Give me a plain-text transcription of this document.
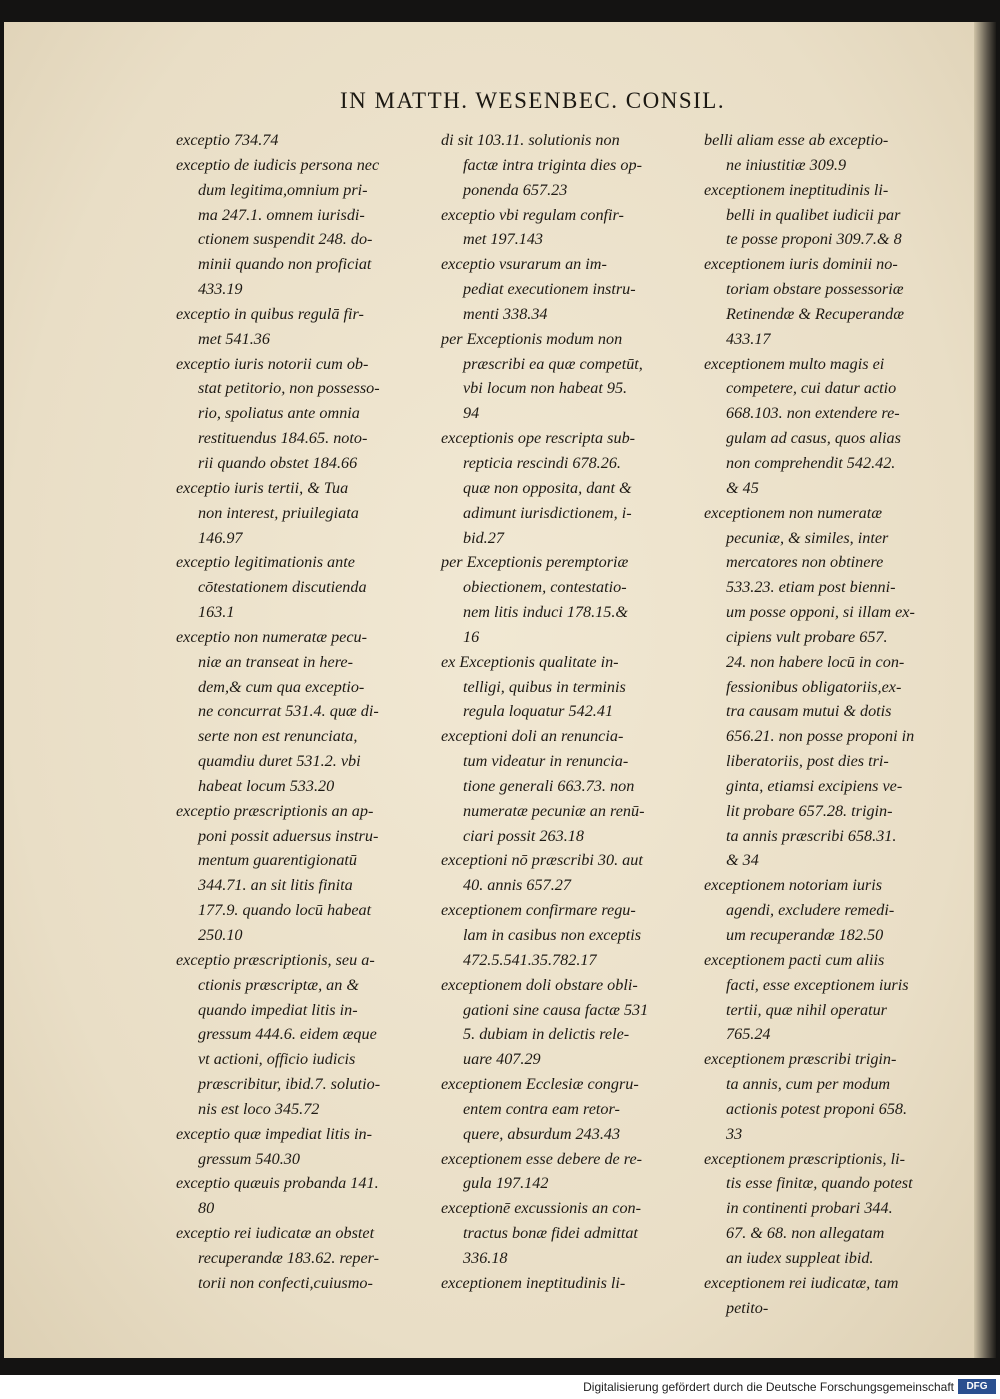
IN MATTH. WESENBEC. CONSIL.
exceptio 734.74
exceptio de iudicis persona nec
dum legitima,omnium pri-
ma 247.1. omnem iurisdi-
ctionem suspendit 248. do-
minii quando non proficiat
433.19
exceptio in quibus regulā fir-
met 541.36
exceptio iuris notorii cum ob-
stat petitorio, non possesso-
rio, spoliatus ante omnia
restituendus 184.65. noto-
rii quando obstet 184.66
exceptio iuris tertii, & Tua
non interest, priuilegiata
146.97
exceptio legitimationis ante
cōtestationem discutienda
163.1
exceptio non numeratæ pecu-
niæ an transeat in here-
dem,& cum qua exceptio-
ne concurrat 531.4. quæ di-
serte non est renunciata,
quamdiu duret 531.2. vbi
habeat locum 533.20
exceptio præscriptionis an ap-
poni possit aduersus instru-
mentum guarentigionatū
344.71. an sit litis finita
177.9. quando locū habeat
250.10
exceptio præscriptionis, seu a-
ctionis præscriptæ, an &
quando impediat litis in-
gressum 444.6. eidem æque
vt actioni, officio iudicis
præscribitur, ibid.7. solutio-
nis est loco 345.72
exceptio quæ impediat litis in-
gressum 540.30
exceptio quæuis probanda 141.
80
exceptio rei iudicatæ an obstet
recuperandæ 183.62. reper-
torii non confecti,cuiusmo-
di sit 103.11. solutionis non
factæ intra triginta dies op-
ponenda 657.23
exceptio vbi regulam confir-
met 197.143
exceptio vsurarum an im-
pediat executionem instru-
menti 338.34
per Exceptionis modum non
præscribi ea quæ competūt,
vbi locum non habeat 95.
94
exceptionis ope rescripta sub-
repticia rescindi 678.26.
quæ non opposita, dant &
adimunt iurisdictionem, i-
bid.27
per Exceptionis peremptoriæ
obiectionem, contestatio-
nem litis induci 178.15.&
16
ex Exceptionis qualitate in-
telligi, quibus in terminis
regula loquatur 542.41
exceptioni doli an renuncia-
tum videatur in renuncia-
tione generali 663.73. non
numeratæ pecuniæ an renū-
ciari possit 263.18
exceptioni nō præscribi 30. aut
40. annis 657.27
exceptionem confirmare regu-
lam in casibus non exceptis
472.5.541.35.782.17
exceptionem doli obstare obli-
gationi sine causa factæ 531
5. dubiam in delictis rele-
uare 407.29
exceptionem Ecclesiæ congru-
entem contra eam retor-
quere, absurdum 243.43
exceptionem esse debere de re-
gula 197.142
exceptionē excussionis an con-
tractus bonæ fidei admittat
336.18
exceptionem ineptitudinis li-
belli aliam esse ab exceptio-
ne iniustitiæ 309.9
exceptionem ineptitudinis li-
belli in qualibet iudicii par
te posse proponi 309.7.& 8
exceptionem iuris dominii no-
toriam obstare possessoriæ
Retinendæ & Recuperandæ
433.17
exceptionem multo magis ei
competere, cui datur actio
668.103. non extendere re-
gulam ad casus, quos alias
non comprehendit 542.42.
& 45
exceptionem non numeratæ
pecuniæ, & similes, inter
mercatores non obtinere
533.23. etiam post bienni-
um posse opponi, si illam ex-
cipiens vult probare 657.
24. non habere locū in con-
fessionibus obligatoriis,ex-
tra causam mutui & dotis
656.21. non posse proponi in
liberatoriis, post dies tri-
ginta, etiamsi excipiens ve-
lit probare 657.28. trigin-
ta annis præscribi 658.31.
& 34
exceptionem notoriam iuris
agendi, excludere remedi-
um recuperandæ 182.50
exceptionem pacti cum aliis
facti, esse exceptionem iuris
tertii, quæ nihil operatur
765.24
exceptionem præscribi trigin-
ta annis, cum per modum
actionis potest proponi 658.
33
exceptionem præscriptionis, li-
tis esse finitæ, quando potest
in continenti probari 344.
67. & 68. non allegatam
an iudex suppleat ibid.
exceptionem rei iudicatæ, tam
petito-
Digitalisierung gefördert durch die Deutsche Forschungsgemeinschaft	DFG
